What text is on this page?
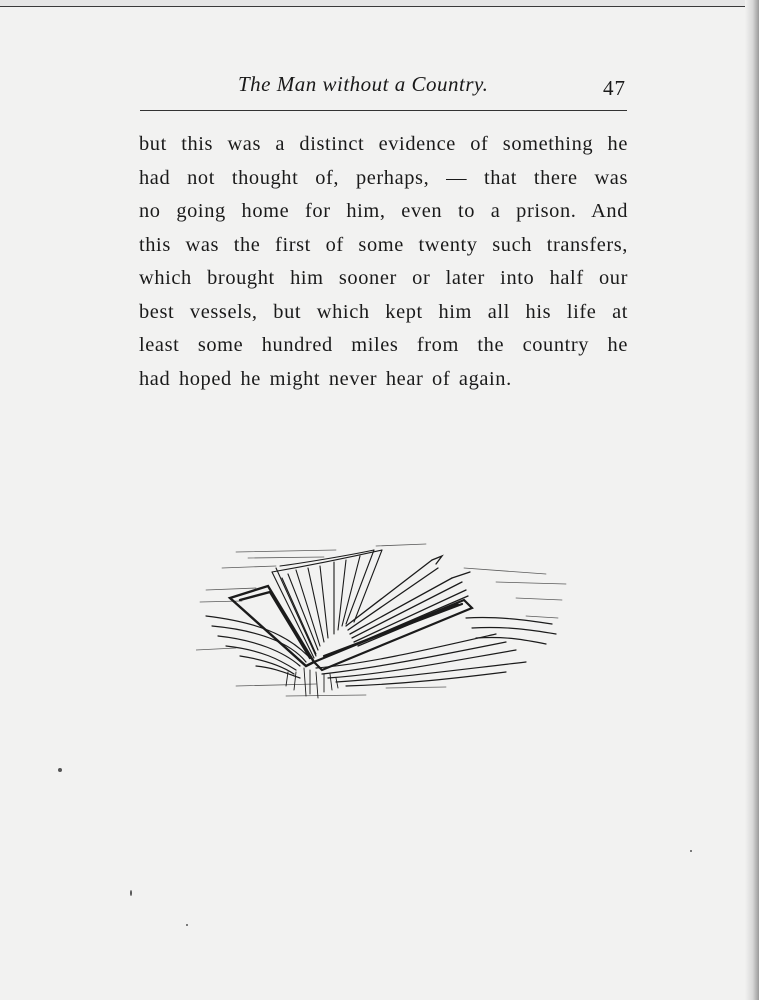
The Man without a Country.	47
but this was a distinct evidence of something he
had not thought of, perhaps, — that there was
no going home for him, even to a prison. And
this was the first of some twenty such transfers,
which brought him sooner or later into half our
best vessels, but which kept him all his life at
least some hundred miles from the country he
had hoped he might never hear of again.
